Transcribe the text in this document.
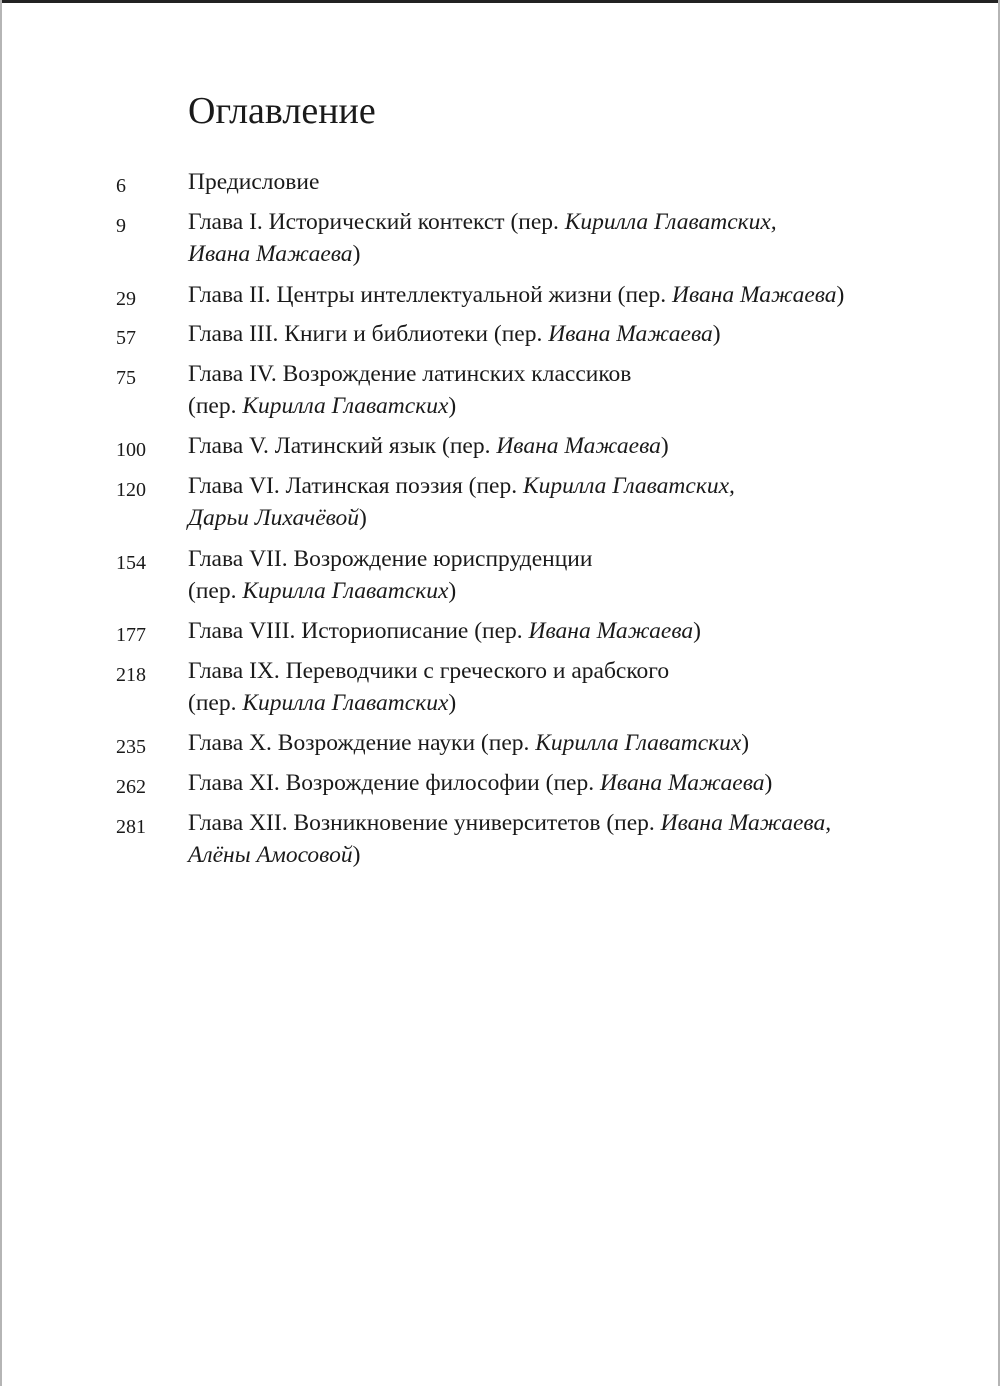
Оглавление
6	Предисловие
9	Глава I. Исторический контекст (пер. Кирилла Главатских,
Ивана Мажаева)
29 Глава II. Центры интеллектуальной жизни (пер. Ивана Мажаева)
57 Глава III. Книги и библиотеки (пер. Ивана Мажаева)
75 Глава IV. Возрождение латинских классиков
(пер. Кирилла Главатских)
100 Глава V. Латинский язык (пер. Ивана Мажаева)
120 Глава VI. Латинская поэзия (пер. Кирилла Главатских,
Дарьи Лихачёвой)
154 Глава VII. Возрождение юриспруденции
(пер. Кирилла Главатских)
177 Глава VIII. Историописание (пер. Ивана Мажаева)
218 Глава IX. Переводчики с греческого и арабского
(пер. Кирилла Главатских)
235 Глава X. Возрождение науки (пер. Кирилла Главатских)
262 Глава XI. Возрождение философии (пер. Ивана Мажаева)
281 Глава XII. Возникновение университетов (пер. Ивана Мажаева,
Алёны Амосовой)
